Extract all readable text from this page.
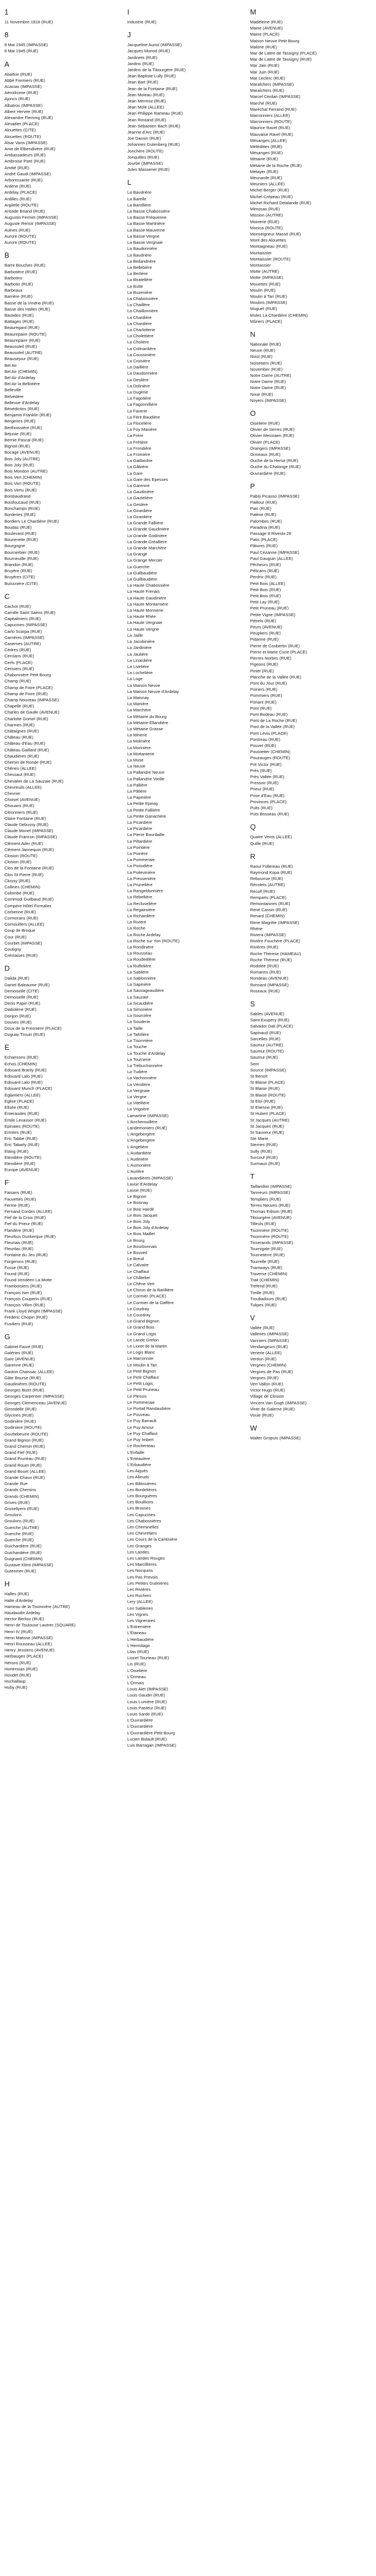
1
11 Novembre 1918 (RUE)
8
8 Mai 1945 (IMPASSE)
8 Mai 1945 (RUE)
A
Abattoir (RUE)
Abbé Fremiers (RUE)
Acacias (IMPASSE)
Aérodrome (RUE)
Ajoncs (RUE)
Albatros (IMPASSE)
Albert Hervée (RUE)
Alexandre Flemmg (RUE)
Almadier (PLACE)
Alouettes (CITE)
Alouettes (ROUTE)
Alsar Varin (IMPASSE)
Ame de Elbendivère (RUE)
Ambassadeurs (RUE)
Ambroise Paré (RUE)
Amitié (RUE)
André Gaudi (IMPASSE)
Arboressante (RUE)
Ardène (RUE)
Ardelay (PLACE)
Ardilles (RUE)
Argilelle (ROUTE)
Aristide Briand (RUE)
Augustin Fermet (IMPASSE)
Auguste Renoir (IMPASSE)
Aulnes (RUE)
Aurore (ROUTE)
Aurore (ROUTE)
B
Barre Bouches (RUE)
Barbotière (RUE)
Barbotins
Barbotin (RUE)
Barbeaux
Barrière (RUE)
Basse de la Vindrie (RUE)
Basse des Halles (RUE)
Bastides (RUE)
Battages (RUE)
Beauregard (RUE)
Beaurepaire (ROUTE)
Beaurepaire (RUE)
Beausoleil (RUE)
Beausoleil (AUTRE)
Beausejour (RUE)
Bel Air
Bel Air (CHEMIN)
Bel Air d'Ardelay
Bel Air la Bellotière
Belleville
Belvédère
Bellevue d'Ardelay
Bénédictins (RUE)
Benjamin Franklin (RUE)
Bergeries (RUE)
Berthoissière (RUE)
Béjuste (RUE)
Bernie Pascal (RUE)
Bignoil (RUE)
Bocage (AVENUE)
Bois Joly (AUTRE)
Bois Joly (RUE)
Bois Mondon (AUTRE)
Bois Vert (CHEMIN)
Bois Vert (ROUTE)
Bois Vertu (RUE)
Boisbaudrand
Boisfoucaud (RUE)
Bonchamps (RUE)
Borderies (RUE)
Bordiers Le Chardière (RUE)
Boudas (RUE)
Boulevard (RUE)
Bourierette (RUE)
Bourgogne
Bournerbier (RUE)
Bourneuille (RUE)
Brandon (RUE)
Bruyère (RUE)
Bruyères (CITE)
Buissnière (CITE)
C
Cachot (RUE)
Camille Saint Saens (RUE)
Capitaliniers (RUE)
Capucines (IMPASSE)
Carlo Scarpa (RUE)
Carrières (IMPASSE)
Casernes (AUTRE)
Cèdres (RUE)
Cerclans (RUE)
Cerfs (PLACE)
Cerisiers (RUE)
Chabonnière Petit Bourg
Champ (RUE)
Champ de Foire (PLACE)
Champ de Foire (RUE)
Champ Nouveau (IMPASSE)
Chapelle (RUE)
Charles de Gaulle (AVENUE)
Charlotte Gomel (RUE)
Charmes (RUE)
Châtaignes (RUE)
Château (RUE)
Château d'Eau (RUE)
Château Gaillard (RUE)
Chaudières (RUE)
Chemin de Ronde (RUE)
Chênes (ALLEE)
Chessaut (RUE)
Chevalier de La Sauzaie (RUE)
Chevreuils (ALLEE)
Chevrier
Choisel (AVENUE)
Chouans (RUE)
Citronniers (RUE)
Claire Fontaine (RUE)
Claude Debussy (RUE)
Claude Monet (IMPASSE)
Claude Francon (IMPASSE)
Clément Ader (RUE)
Clément Jannequin (RUE)
Closion (ROUTE)
Closion (RUE)
Clos de la Fontaine (RUE)
Clos St Pierre (RUE)
Clousy (RUE)
Collines (CHEMIN)
Colombe (RUE)
Commodi Guilbaud (RUE)
Compère Hôtel Ficmalier
Corbenne (RUE)
Cormorans (RUE)
Cornouillers (ALLEE)
Coup de Broque
Cour (RUE)
Courbet (IMPASSE)
Coutigny
Crémaises (RUE)
D
Dalida (RUE)
Daniel Baleaume (RUE)
Demoiselle (CITE)
Demoiselle (RUE)
Denis Papin (RUE)
Diabolène (RUE)
Donjon (RUE)
Douves (RUE)
Doux de la Fresnière (PLACE)
Duguay Trouin (RUE)
E
Echansons (RUE)
Echos (CHEMIN)
Edouard Branly (RUE)
Edouard Lalo (RUE)
Edouard Lalo (RUE)
Edouard Munch (PLACE)
Eglantiers (ALLEE)
Eglise (PLACE)
Ellsée (RUE)
Émeraudes (RUE)
Emile Levassor (RUE)
Epinaies (ROUTE)
Ermites (RUE)
Eric Tabbe (RUE)
Eric Tabarly (RUE)
Etang (RUE)
Etendière (ROUTE)
Etendière (RUE)
Europe (AVENUE)
F
Faisans (RUE)
Fauvettes (RUE)
Ferme (RUE)
Fernand Cordes (ALLEE)
Fief de la Croix (RUE)
Fief du Prieur (RUE)
Flandère (RUE)
Fleurbus Dunkerque (RUE)
Fleuriais (RUE)
Fleurilas (RUE)
Fontaine du Jeu (RUE)
Forgerons (RUE)
Fosse (RUE)
Found (RUE)
Found Vendéen La Motte
Framboisiers (RUE)
François Iser (RUE)
François Couperin (RUE)
François Villon (RUE)
Frank Lloyd Wright (IMPASSE)
Fredéric Chopin (RUE)
Fusiliers (RUE)
G
Gabriel Fauré (RUE)
Galéries (RUE)
Gare (AVENUE)
Garenne (RUE)
Gaston Chaissac (ALLEE)
Gâte Bourse (RUE)
Gaudinières (ROUTE)
Georges Bizet (RUE)
Georges Carpentier (IMPASSE)
Georges Clemenceau (AVENUE)
Girondelle (RUE)
Glycines (RUE)
Godinière (RUE)
Godiniere (ROUTE)
Gouttebeurre (ROUTE)
Grand Bignon (RUE)
Grand Chemin (RUE)
Grand Fief (RUE)
Grand Pruneau (RUE)
Grand Rouet (RUE)
Grand Bouet (ALLEE)
Grande Chaux (RUE)
Grande Rue
Grands Chemins
Grands (CHEMIN)
Grives (RUE)
Grosellyers (RUE)
Groulons
Groulons (RUE)
Guerche (AUTRE)
Guerche (RUE)
Guerche (RUE)
Guichardière (RUE)
Guichardière (RUE)
Guignard (CHEMIN)
Gustave Klimt (IMPASSE)
Gutenmer (RUE)
H
Halles (RUE)
Halte d'Ardelay
Hameau de la Tisonnière (AUTRE)
Haudaudin Ardelay
Hector Berlioz (RUE)
Henri de Toulouse Lautrec (SQUARE)
Henri IV (RUE)
Henri Matisse (IMPASSE)
Henri Rousseau (ALLEE)
Henry Jessiens (AVENUE)
Herbauges (PLACE)
Hérons (RUE)
Hortensias (RUE)
Houdet (RUE)
Huchallaup
Huby (RUE)
I
Industrie (RUE)
J
Jacqueline Auriol (IMPASSE)
Jacques Monod (RUE)
Jardinets (RUE)
Jardins (RUE)
Jardins de la Tibourgère (RUE)
Jean Baptiste Lully (RUE)
Jean Bart (RUE)
Jean de la Fontaine (RUE)
Jean Moleau (RUE)
Jean Mermoz (RUE)
Jean Mole (ALLEE)
Jean Philippe Rameau (RUE)
Jean Rostand (RUE)
Jean Sébastien Bach (RUE)
Jeanne d'Arc (RUE)
Joe Dassin (RUE)
Johannes Gutenberg (RUE)
Jonchère (ROUTE)
Jonquilles (RUE)
Jourbé (IMPASSE)
Jules Massenet (RUE)
L
La Baudrière
La Barelle
La Barollière
La Basse Chabossière
La Basse Fréquenne
La Basse Martinière
La Basse Mauverne
La Basse Vergne
La Basse Vergnaie
La Baudonnière
La Baudrière
La Beilandrière
La Bellebière
La Berlière
La Biratellère
La Butte
La Buzenière
La Chaboissière
La Chaillère
La Chaillonnière
La Chardière
La Chardière
La Charlotterie
La Cholettière
La Cholière
La Colinardière
La Coussinière
La Croisière
La Daillière
La Daudonnière
La Deslière
La Dolinière
La Dugerie
La Fagotière
La Fagonnillière
La Faverie
La Fère Baudière
La Flocelière
La Foy Manière
La Frère
La Frétière
La Frondière
La Fromière
La Gaillardrie
La Gâbière
La Gare
La Gare des Epesses
La Garenne
La Gaudinière
La Gautelière
La Geslère
La Girardière
La Girardière
La Grande Falliière
La Grande Gaudinière
La Grande Godinière
La Grande Gréallière
La Grande Marchère
La Grange
La Grange Mercier
La Guerche
La Guilbaudière
La Guilbaudière
La Haute Chabossière
La Haute Frenais
La Haute Gaudinière
La Haute Montarnière
La Haute Monnerie
La Haute Rhée
La Haute Vergnaie
La Haute Vergne
La Jaille
La Jacobinière
La Jardinière
La Jaulière
La Linardière
La Livetière
La Lochelière
La Loge
La Maison Neuve
La Maison Neuve d'Ardelay
La Maisnay
La Manière
La Marchère
La Métairie du Bourg
La Métairie Ellandière
La Métairie Grasse
La Minerie
La Molinière
La Morinière
La Mottanterie
La Muse
La Neuve
La Pallandre Neuve
La Pallandrie Vieille
La Pallière
La Pâtière
La Papinière
La Petite Epinay
La Petite Falliière
La Petite Ganachère
La Picardière
La Picardière
La Pierre Bourdaille
La Piltardière
La Pointière
La Poirière
La Pommeraie
La Poriodière
La Poitevinière
La Pressenière
La Prunelière
La Rangeldonnière
La Rebellière
La Recluselière
La Regairoière
La Richardière
La Rivière
La Roche
La Roche Ardelay
La Roche sur Yon (ROUTE)
La Rondinière
La Rousseau
La Roudeiillère
La Ruffelière
La Sablière
La Sablonnière
La Sapinière
La Sauvageaudière
La Sauzaie
La Sicaudière
La Simonière
La Sourcière
La Souderie
La Taille
La Tafolière
La Tisonnière
La Touche
La Touche d'Ardelay
La Tournerie
La Trébuchonnière
La Tudière
La Vachonnière
La Vérolière
La Vergnaie
La Vergne
La Vitellière
La Vrignère
Lamartine (IMPASSE)
L'Ancherouillère
Landemoniers (RUE)
L'Angebergère
L'Angebergère
L'Angelière
L'Audardière
L'Audinière
L'Aumonière
L'Aurière
Lavandières (IMPASSE)
Lavoir d'Ardelay
Lavoir (RUE)
Le Bignon
Le Boisnay
Le Bois Hardé
Le Bois Jacquet
Le Bois Joly
Le Bois Joly d'Ardelay
Le Bois Maillet
Le Bourg
Le Bourbonnais
Le Bouveil
Le Breuil
Le Calvaire
Le Chaffaut
Le Châtelier
Le Chêne Vert
Le Chiron de la Barillière
Le Cormier (PLACE)
Le Cormier de la Gaffère
Le Coudray
Le Courdray
Le Grand Bignon
Le Grand Bois
Le Grand Logis
Le Lande Grelon
Le Lioret de la Martin
Le Logis Blanc
Le Marronnier
Le Moulin à Tan
Le Petit Bignon
Le Petit Chaffaut
Le Petit Logis
Le Petit Pruneau
Le Plessis
Le Pommeraie
Le Portail Randaudière
Le Pouveau
Le Puy Barrault
Le Puy Amour
Le Puy Chaffaut
Le Puy Imbert
Le Rocherteau
L'Enfaille
L'Erteauière
L'Erbaudière
Les Aiguës
Les Alleuds
Les Bâtissières
Les Bordelières
Les Bourguères
Les Bouillions
Les Brosses
Les Capucines
Les Chabossières
Les Cheminelles
Les Chevretiers
Les Cours de la Cantinière
Les Granges
Les Landes
Les Landes Rouges
Les Marcillières
Les Nocquins
Les Pas Prevois
Les Petites Guilnières
Les Rivières
Les Ruchers
Lery (ALLEE)
Les Sableries
Les Vignes
Les Vigneraies
L'Estremière
L'Étaneau
L'Herbaudière
L'Hermitage
Lilas (RUE)
Lionel Tourteau (RUE)
Lis (RUE)
L'Oiselière
L'Ormeau
L'Ormais
Louis Alet (IMPASSE)
Louis Gaudin (RUE)
Louis Lumière (RUE)
Louis Pasteur (RUE)
Louis Sarde (RUE)
L'Ouvrardière
L'Ouvrardière
L'Ouvrardière Petit Bourg
Lucien Bidault (RUE)
Luis Barragan (IMPASSE)
M
Madeleine (RUE)
Maine (AVENUE)
Maine (PLACE)
Maison Neuve Petit Bourg
Malone (RUE)
Mar de Lattre de Tassigny (PLACE)
Mar de Lattre de Tassigny (RUE)
Mar Jain (RUE)
Mar Juin (RUE)
Mar Leclerc (RUE)
Maraîchers (IMPASSE)
Maraîchers (RUE)
Marcel Cerdan (IMPASSE)
Marché (RUE)
Maréchal Ferrand (RUE)
Marronniers (ALLEE)
Marronniers (ROUTE)
Maurice Ravel (RUE)
Mauvaise Ravel (RUE)
Mésanges (ALLEE)
Mélédittes (RUE)
Mésanges (RUE)
Métairie (RUE)
Métairie de la Roche (RUE)
Métayer (RUE)
Meunarde (RUE)
Meuniers (ALLEE)
Michel Berger (RUE)
Michel Crépeau (RUE)
Michel Richard Delalande (RUE)
Mimosas (RUE)
Mission (AUTRE)
Moinerie (RUE)
Monica (ROUTE)
Monseigneur Massé (RUE)
Mont des Alouettes
Montaigneau (RUE)
Montaissier
Montaissier (ROUTE)
Montassier
Motte (AUTRE)
Motte (IMPASSE)
Mouettes (RUE)
Moulin (RUE)
Moulin à Tan (RUE)
Moulins (IMPASSE)
Muguet (RUE)
Mules La Chardière (CHEMIN)
Mûriers (PLACE)
N
Nationale (RUE)
Neuve (RUE)
Noisl (RUE)
Noisetiers (RUE)
November (RUE)
Notre Dame (AUTRE)
Notre Dame (RUE)
Notre Dame (RUE)
Noue (RUE)
Noyers (IMPASSE)
O
Oiselière (RUE)
Olivier de Serres (RUE)
Olivier Messiaen (RUE)
Olivier (PLACE)
Orangers (IMPASSE)
Ormeaux (RUE)
Ouche de la Herse (RUE)
Ouche du Chalonge (RUE)
Ouvrardière (RUE)
P
Pablo Picasso (IMPASSE)
Paillour (RUE)
Pais (RUE)
Palène (RUE)
Palombes (RUE)
Paradina (RUE)
Passage 8 Rivesto 28
Patis (PLACE)
Pâtures (RUE)
Paul Cézanne (IMPASSE)
Paul Gauguin (ALLEE)
Pêcheurs (RUE)
Pélicans (RUE)
Perdrix (RUE)
Petit Bois (ALLEE)
Petit Bois (RUE)
Petit Bois (RUE)
Petit Lay (RUE)
Petit Pruneau (RUE)
Petite Vigne (IMPASSE)
Pétrels (RUE)
Peurs (AVENUE)
Peupliers (RUE)
Pidanne (RUE)
Pierre de Coubertin (RUE)
Pierre et Marie Curie (PLACE)
Pierres Norbes (RUE)
Pigeons (RUE)
Pinier (RUE)
Planche de la Vallée (RUE)
Pont du Jour (RUE)
Poiriers (RUE)
Pommiers (RUE)
Ponant (RUE)
Pont (RUE)
Pont Bodeau (RUE)
Pont de La Roche (RUE)
Pont de la Vallée (RUE)
Pont Levis (PLACE)
Pontreau (RUE)
Pouvet (RUE)
Poutoetter (CHEMIN)
Pouzauges (ROUTE)
Pré Victor (RUE)
Près (RUE)
Près Vallée (RUE)
Pressoir (RUE)
Prieur (RUE)
Prise d'Eau (RUE)
Provinces (PLACE)
Pults (RUE)
Puts Bosseau (RUE)
Q
Quatre Vents (ALLEE)
Quille (RUE)
R
Raoul Follereau (RUE)
Raymond Kopa (RUE)
Rebourrue (RUE)
Récolets (AUTRE)
Recoll (RUE)
Remparts (PLACE)
Remontaisnes (RUE)
René Cassin (RUE)
Renard (CHEMIN)
Rene Magritte (IMPASSE)
Rhéne
Riviera (IMPASSE)
Rivière Fouchère (PLACE)
Rivières (RUE)
Roche Thérese (HAMEAU)
Roche Thérese (RUE)
Rodolée (RUE)
Romarins (RUE)
Rondeau (AVENUE)
Ronsard (IMPASSE)
Roseaux (RUE)
S
Sables (AVENUE)
Saint Exupery (RUE)
Salvador Dali (PLACE)
Sapinaud (RUE)
Sarcelles (RUE)
Saumur (AUTRE)
Saumur (ROUTE)
Saumur (RUE)
Sent
Source (IMPASSE)
St Benoît
St Blaise (PLACE)
St Blaise (RUE)
St Blaise (ROUTE)
St Eloi (RUE)
St Etienne (RUE)
St Hubert (PLACE)
St Jacques (AUTRE)
St Jacques (RUE)
St Sauveur (RUE)
Ste Marie
Sternes (RUE)
Sully (RUE)
Surcouf (RUE)
Surmaux (RUE)
T
Taillandier (IMPASSE)
Tanneurs (IMPASSE)
Templiers (RUE)
Terres Neuves (RUE)
Thomas Edison (RUE)
Tibourgère (AVENUE)
Tilleuls (RUE)
Tisonnière (ROUTE)
Tisonnière (ROUTE)
Tisserands (IMPASSE)
Tournigale (RUE)
Tourneterre (RUE)
Tourrelle (RUE)
Tramways (RUE)
Traverse (CHEMIN)
Trait (CHEMIN)
Trefend (RUE)
Treille (RUE)
Troubadours (RUE)
Tulipes (RUE)
V
Vallée (RUE)
Valleries (IMPASSE)
Vanniers (IMPASSE)
Vendangeurs (RUE)
Venerie (ALLEE)
Verdun (RUE)
Vergnes (CHEMIN)
Vergnes de Pas (RUE)
Vergnes (RUE)
Vert Vallon (RUE)
Victor Hugo (RUE)
Village de Closion
Vincent Van Gogh (IMPASSE)
Vinte de Galerne (RUE)
Vouie (RUE)
W
Walter Gropuis (IMPASSE)
